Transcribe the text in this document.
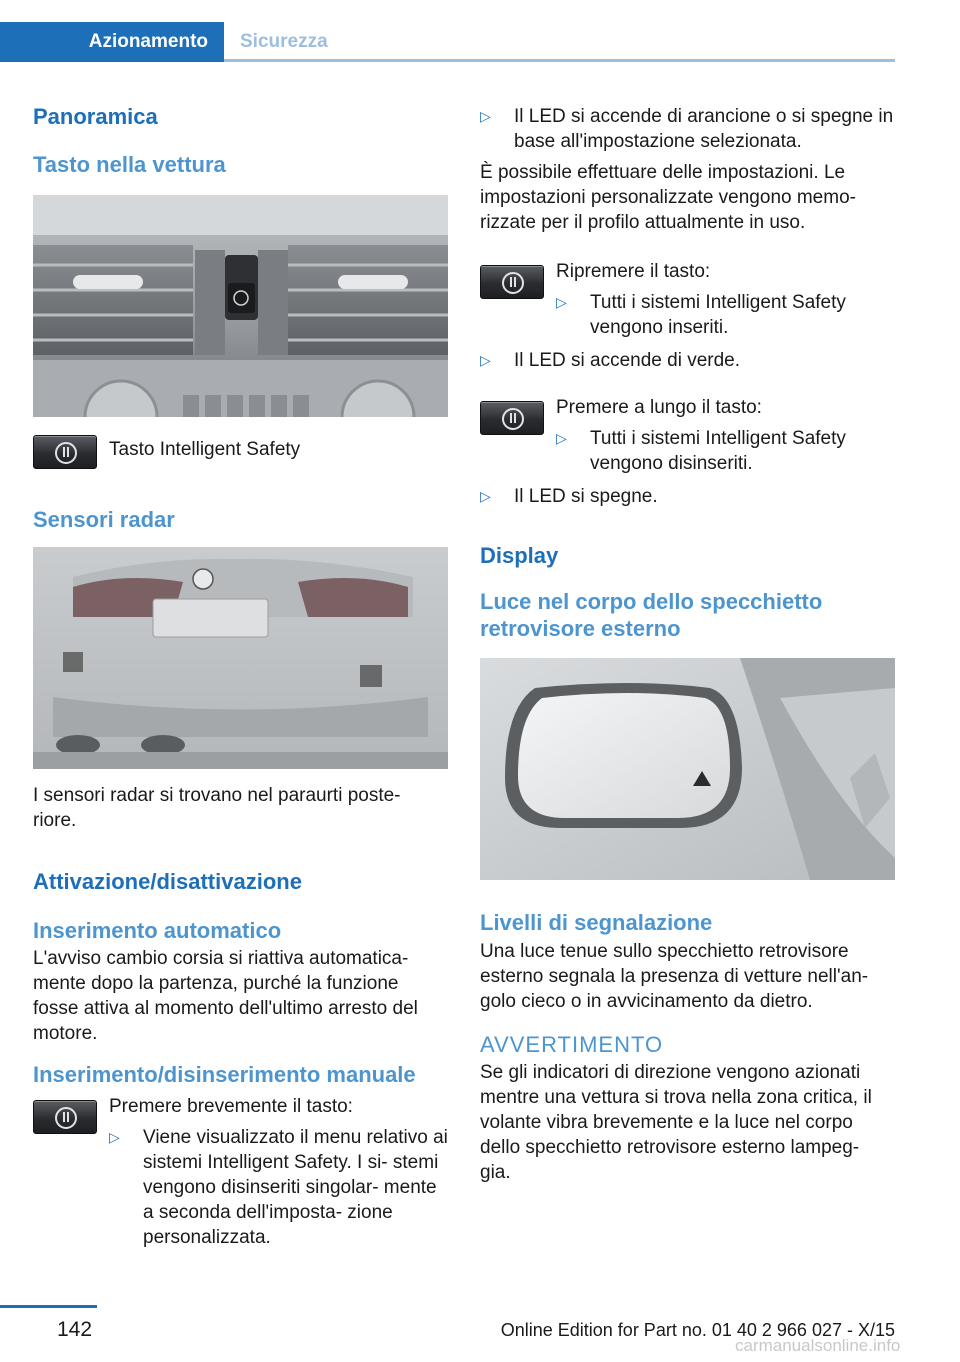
Azionamento	Sicurezza
Panoramica
Tasto nella vettura

Tasto Intelligent Safety

Sensori radar

I sensori radar si trovano nel paraurti poste‐ riore.

Attivazione/disattivazione
Inserimento automatico

L'avviso cambio corsia si riattiva automatica‐ mente dopo la partenza, purché la funzione fosse attiva al momento dell'ultimo arresto del motore.

Inserimento/disinserimento manuale

Premere brevemente il tasto:

▷	Viene visualizzato il menu relativo ai sistemi Intelligent Safety. I si‐ stemi vengono disinseriti singolar‐ mente a seconda dell'imposta‐ zione personalizzata.
▷	Il LED si accende di arancione o si spegne in base all'impostazione selezionata.

È possibile effettuare delle impostazioni. Le impostazioni personalizzate vengono memo‐ rizzate per il profilo attualmente in uso.

Ripremere il tasto:

▷	Tutti i sistemi Intelligent Safety vengono inseriti.
▷	Il LED si accende di verde.

Premere a lungo il tasto:

▷	Tutti i sistemi Intelligent Safety vengono disinseriti.
▷	Il LED si spegne.
Display
Luce nel corpo dello specchietto retrovisore esterno
Livelli di segnalazione

Una luce tenue sullo specchietto retrovisore esterno segnala la presenza di vetture nell'an‐ golo cieco o in avvicinamento da dietro.

AVVERTIMENTO

Se gli indicatori di direzione vengono azionati mentre una vettura si trova nella zona critica, il volante vibra brevemente e la luce nel corpo dello specchietto retrovisore esterno lampeg‐ gia.

142	Online Edition for Part no. 01 40 2 966 027 - X/15
carmanualsonline.info
